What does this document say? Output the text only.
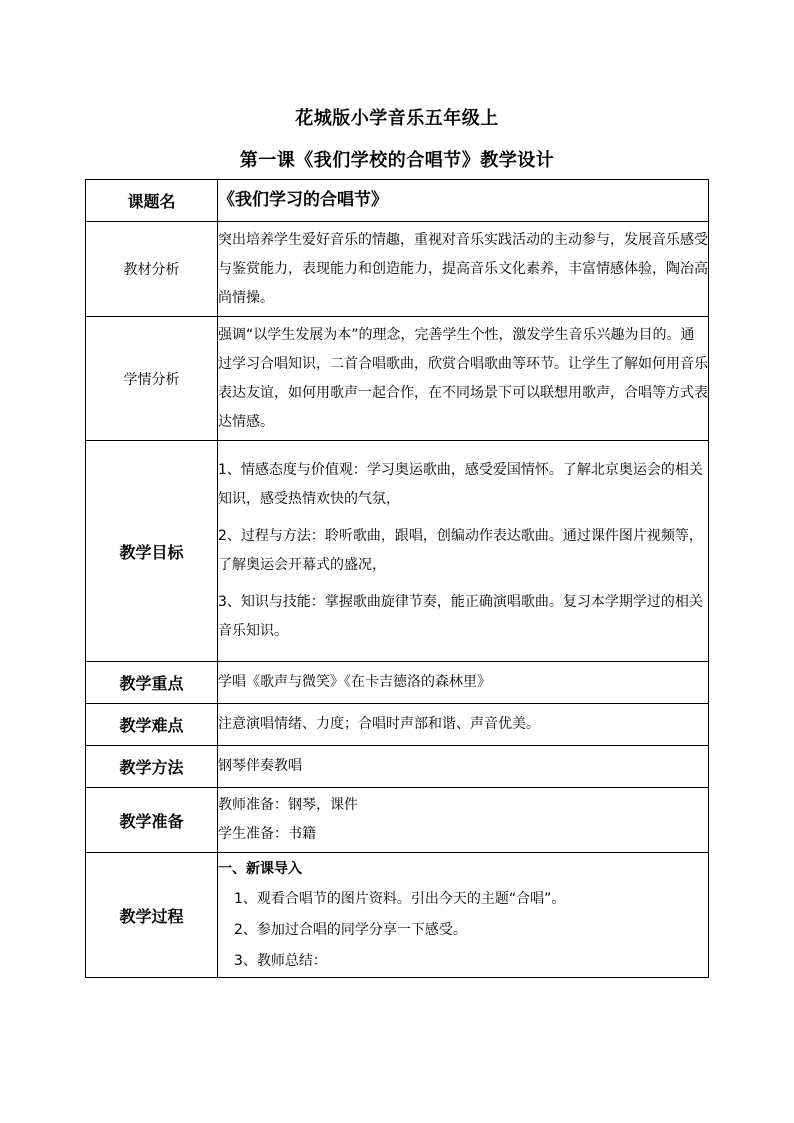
花城版小学音乐五年级上
第一课《我们学校的合唱节》教学设计
课题名	《我们学习的合唱节》
教材分析	突出培养学生爱好音乐的情趣，重视对音乐实践活动的主动参与，发展音乐感受与鉴赏能力，表现能力和创造能力，提高音乐文化素养，丰富情感体验，陶冶高尚情操。
学情分析	强调“以学生发展为本”的理念，完善学生个性，激发学生音乐兴趣为目的。通过学习合唱知识，二首合唱歌曲，欣赏合唱歌曲等环节。让学生了解如何用音乐表达友谊，如何用歌声一起合作，在不同场景下可以联想用歌声，合唱等方式表达情感。
教学目标	1、情感态度与价值观：学习奥运歌曲，感受爱国情怀。了解北京奥运会的相关知识，感受热情欢快的气氛，

2、过程与方法：聆听歌曲，跟唱，创编动作表达歌曲。通过课件图片视频等，了解奥运会开幕式的盛况，

3、知识与技能：掌握歌曲旋律节奏，能正确演唱歌曲。复习本学期学过的相关音乐知识。

教学重点	学唱《歌声与微笑》《在卡吉德洛的森林里》
教学难点	注意演唱情绪、力度；合唱时声部和谐、声音优美。
教学方法	钢琴伴奏教唱
教学准备	教师准备：钢琴，课件
学生准备：书籍

教学过程	一、新课导入
1、观看合唱节的图片资料。引出今天的主题“合唱”。
2、参加过合唱的同学分享一下感受。
3、教师总结：
